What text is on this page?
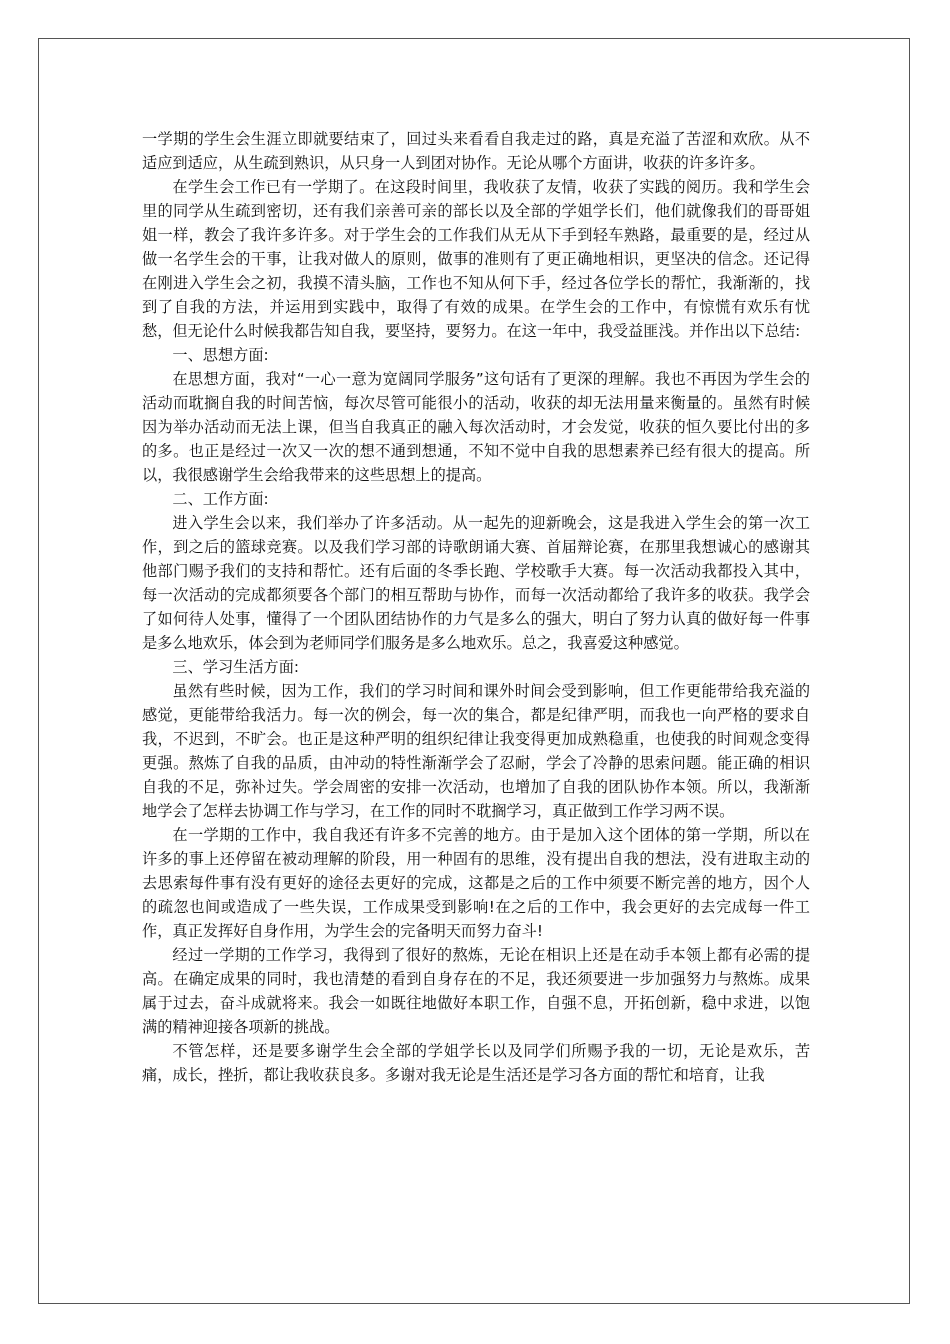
一学期的学生会生涯立即就要结束了，回过头来看看自我走过的路，真是充溢了苦涩和欢欣。从不适应到适应，从生疏到熟识，从只身一人到团对协作。无论从哪个方面讲，收获的许多许多。

在学生会工作已有一学期了。在这段时间里，我收获了友情，收获了实践的阅历。我和学生会里的同学从生疏到密切，还有我们亲善可亲的部长以及全部的学姐学长们，他们就像我们的哥哥姐姐一样，教会了我许多许多。对于学生会的工作我们从无从下手到轻车熟路，最重要的是，经过从做一名学生会的干事，让我对做人的原则，做事的准则有了更正确地相识，更坚决的信念。还记得在刚进入学生会之初，我摸不清头脑，工作也不知从何下手，经过各位学长的帮忙，我渐渐的，找到了自我的方法，并运用到实践中，取得了有效的成果。在学生会的工作中，有惊慌有欢乐有忧愁，但无论什么时候我都告知自我，要坚持，要努力。在这一年中，我受益匪浅。并作出以下总结:

一、思想方面:

在思想方面，我对“一心一意为宽阔同学服务”这句话有了更深的理解。我也不再因为学生会的活动而耽搁自我的时间苦恼，每次尽管可能很小的活动，收获的却无法用量来衡量的。虽然有时候因为举办活动而无法上课，但当自我真正的融入每次活动时，才会发觉，收获的恒久要比付出的多的多。也正是经过一次又一次的想不通到想通，不知不觉中自我的思想素养已经有很大的提高。所以，我很感谢学生会给我带来的这些思想上的提高。

二、工作方面:

进入学生会以来，我们举办了许多活动。从一起先的迎新晚会，这是我进入学生会的第一次工作，到之后的篮球竞赛。以及我们学习部的诗歌朗诵大赛、首届辩论赛，在那里我想诚心的感谢其他部门赐予我们的支持和帮忙。还有后面的冬季长跑、学校歌手大赛。每一次活动我都投入其中，每一次活动的完成都须要各个部门的相互帮助与协作，而每一次活动都给了我许多的收获。我学会了如何待人处事，懂得了一个团队团结协作的力气是多么的强大，明白了努力认真的做好每一件事是多么地欢乐，体会到为老师同学们服务是多么地欢乐。总之，我喜爱这种感觉。

三、学习生活方面:

虽然有些时候，因为工作，我们的学习时间和课外时间会受到影响，但工作更能带给我充溢的感觉，更能带给我活力。每一次的例会，每一次的集合，都是纪律严明，而我也一向严格的要求自我，不迟到，不旷会。也正是这种严明的组织纪律让我变得更加成熟稳重，也使我的时间观念变得更强。熬炼了自我的品质，由冲动的特性渐渐学会了忍耐，学会了冷静的思索问题。能正确的相识自我的不足，弥补过失。学会周密的安排一次活动，也增加了自我的团队协作本领。所以，我渐渐地学会了怎样去协调工作与学习，在工作的同时不耽搁学习，真正做到工作学习两不误。

在一学期的工作中，我自我还有许多不完善的地方。由于是加入这个团体的第一学期，所以在许多的事上还停留在被动理解的阶段，用一种固有的思维，没有提出自我的想法，没有进取主动的去思索每件事有没有更好的途径去更好的完成，这都是之后的工作中须要不断完善的地方，因个人的疏忽也间或造成了一些失误，工作成果受到影响!在之后的工作中，我会更好的去完成每一件工作，真正发挥好自身作用，为学生会的完备明天而努力奋斗!

经过一学期的工作学习，我得到了很好的熬炼，无论在相识上还是在动手本领上都有必需的提高。在确定成果的同时，我也清楚的看到自身存在的不足，我还须要进一步加强努力与熬炼。成果属于过去，奋斗成就将来。我会一如既往地做好本职工作，自强不息，开拓创新，稳中求进，以饱满的精神迎接各项新的挑战。

不管怎样，还是要多谢学生会全部的学姐学长以及同学们所赐予我的一切，无论是欢乐，苦痛，成长，挫折，都让我收获良多。多谢对我无论是生活还是学习各方面的帮忙和培育，让我
